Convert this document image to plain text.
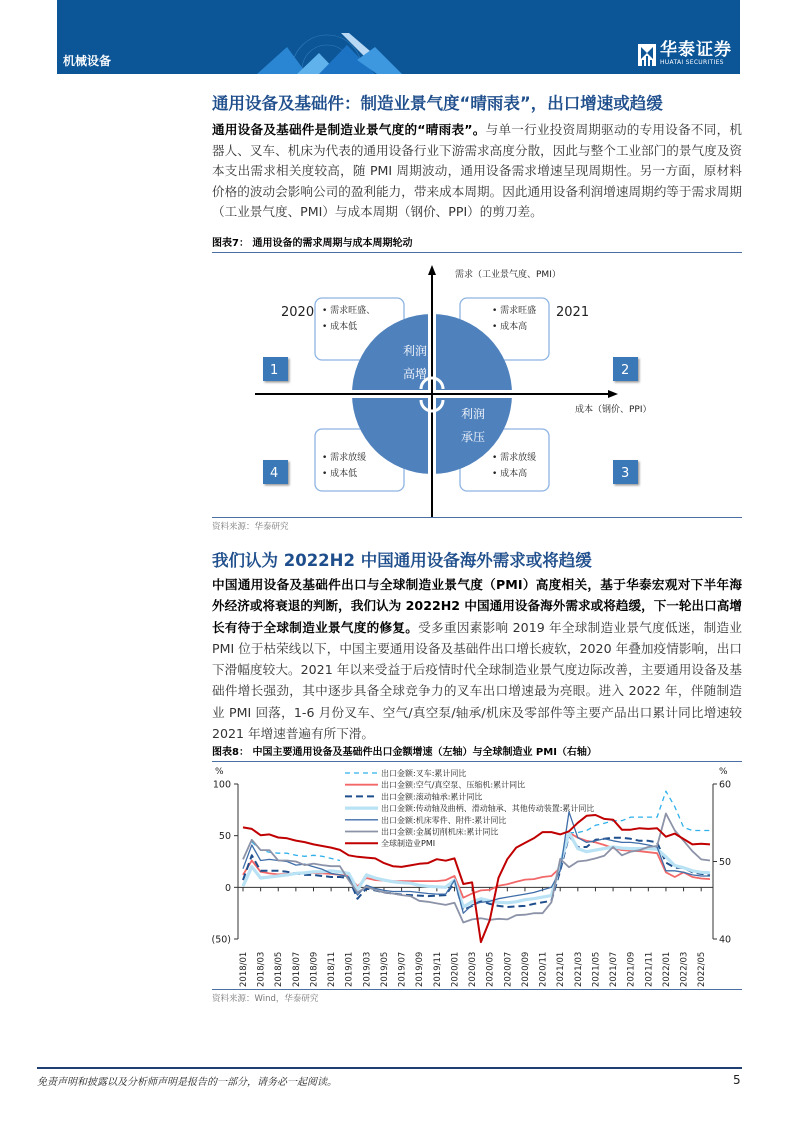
机械设备
华泰证券
HUATAI SECURITIES
通用设备及基础件：制造业景气度“晴雨表”，出口增速或趋缓
通用设备及基础件是制造业景气度的“晴雨表”。与单一行业投资周期驱动的专用设备不同，机器人、叉车、机床为代表的通用设备行业下游需求高度分散，因此与整个工业部门的景气度及资本支出需求相关度较高，随 PMI 周期波动，通用设备需求增速呈现周期性。另一方面，原材料价格的波动会影响公司的盈利能力，带来成本周期。因此通用设备利润增速周期约等于需求周期（工业景气度、PMI）与成本周期（钢价、PPI）的剪刀差。
图表7： 通用设备的需求周期与成本周期轮动
需求（工业景气度、PMI）
成本（钢价、PPI）
• 需求旺盛、
• 成本低
• 需求旺盛
• 成本高
• 需求放缓
• 成本高
• 需求放缓
• 成本低
2020	2021
利润
高增
利润
承压
1	2
3
4
资料来源：华泰研究
我们认为 2022H2 中国通用设备海外需求或将趋缓
中国通用设备及基础件出口与全球制造业景气度（PMI）高度相关，基于华泰宏观对下半年海外经济或将衰退的判断，我们认为 2022H2 中国通用设备海外需求或将趋缓，下一轮出口高增长有待于全球制造业景气度的修复。受多重因素影响 2019 年全球制造业景气度低迷，制造业 PMI 位于枯荣线以下，中国主要通用设备及基础件出口增长疲软，2020 年叠加疫情影响，出口下滑幅度较大。2021 年以来受益于后疫情时代全球制造业景气度边际改善，主要通用设备及基础件增长强劲，其中逐步具备全球竞争力的叉车出口增速最为亮眼。进入 2022 年，伴随制造业 PMI 回落，1-6 月份叉车、空气/真空泵/轴承/机床及零部件等主要产品出口累计同比增速较 2021 年增速普遍有所下滑。
图表8： 中国主要通用设备及基础件出口金额增速（左轴）与全球制造业 PMI（右轴）
100
50
0
(50)
60
50
40
2018/01 2018/03 2018/05 2018/07 2018/09 2018/11 2019/01 2019/03 2019/05 2019/07 2019/09 2019/11 2020/01 2020/03 2020/05 2020/07 2020/09 2020/11 2021/01 2021/03 2021/05 2021/07 2021/09 2021/11 2022/01 2022/03 2022/05
出口金额:叉车:累计同比
出口金额:空气/真空泵、压缩机:累计同比
出口金额:滚动轴承:累计同比
出口金额:传动轴及曲柄、滑动轴承、其他传动装置:累计同比
出口金额:机床零件、附件:累计同比
出口金额:金属切削机床:累计同比
全球制造业PMI
%	%
资料来源：Wind，华泰研究
免责声明和披露以及分析师声明是报告的一部分，请务必一起阅读。	5
